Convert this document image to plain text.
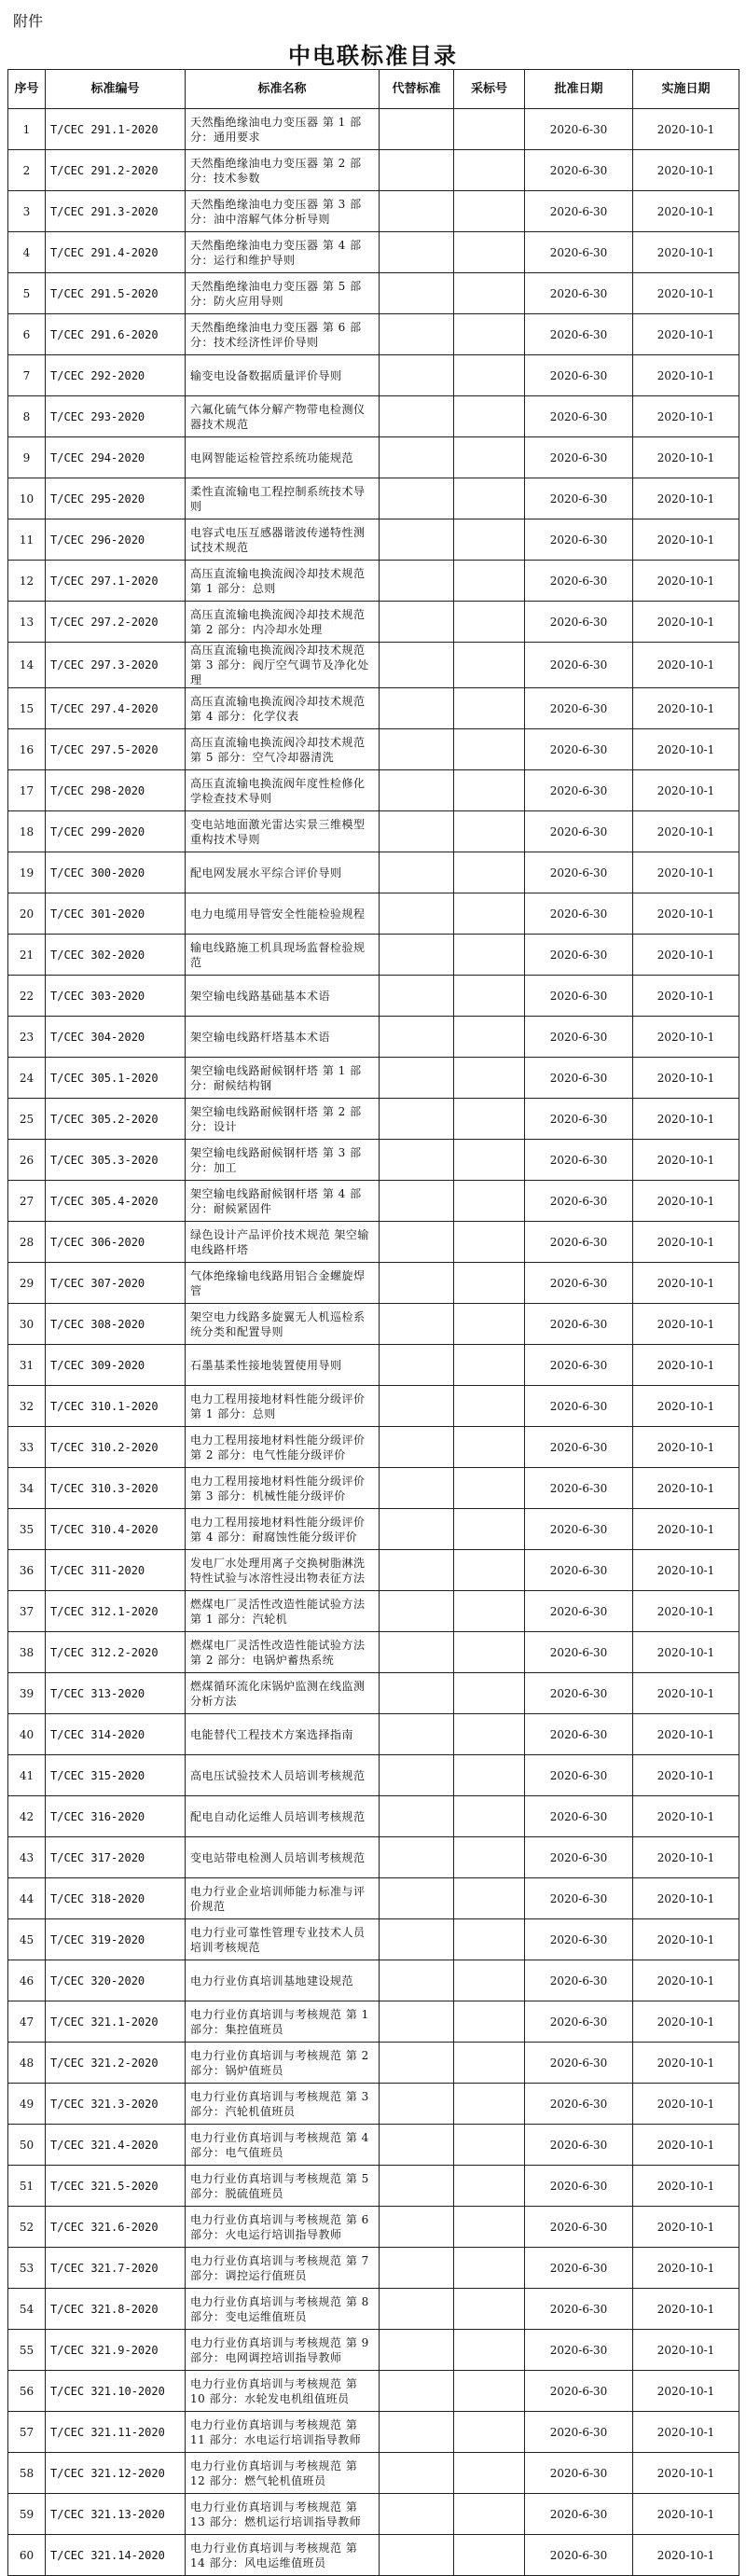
附件
中电联标准目录
序号	标准编号	标准名称	代替标准	采标号	批准日期	实施日期
1	T/CEC 291.1-2020	天然酯绝缘油电力变压器 第 1 部分：通用要求			2020-6-30	2020-10-1
2	T/CEC 291.2-2020	天然酯绝缘油电力变压器 第 2 部分：技术参数			2020-6-30	2020-10-1
3	T/CEC 291.3-2020	天然酯绝缘油电力变压器 第 3 部分：油中溶解气体分析导则			2020-6-30	2020-10-1
4	T/CEC 291.4-2020	天然酯绝缘油电力变压器 第 4 部分：运行和维护导则			2020-6-30	2020-10-1
5	T/CEC 291.5-2020	天然酯绝缘油电力变压器 第 5 部分：防火应用导则			2020-6-30	2020-10-1
6	T/CEC 291.6-2020	天然酯绝缘油电力变压器 第 6 部分：技术经济性评价导则			2020-6-30	2020-10-1
7	T/CEC 292-2020	输变电设备数据质量评价导则			2020-6-30	2020-10-1
8	T/CEC 293-2020	六氟化硫气体分解产物带电检测仪器技术规范			2020-6-30	2020-10-1
9	T/CEC 294-2020	电网智能运检管控系统功能规范			2020-6-30	2020-10-1
10	T/CEC 295-2020	柔性直流输电工程控制系统技术导则			2020-6-30	2020-10-1
11	T/CEC 296-2020	电容式电压互感器谐波传递特性测试技术规范			2020-6-30	2020-10-1
12	T/CEC 297.1-2020	高压直流输电换流阀冷却技术规范 第 1 部分：总则			2020-6-30	2020-10-1
13	T/CEC 297.2-2020	高压直流输电换流阀冷却技术规范 第 2 部分：内冷却水处理			2020-6-30	2020-10-1
14	T/CEC 297.3-2020	高压直流输电换流阀冷却技术规范 第 3 部分：阀厅空气调节及净化处理			2020-6-30	2020-10-1
15	T/CEC 297.4-2020	高压直流输电换流阀冷却技术规范 第 4 部分：化学仪表			2020-6-30	2020-10-1
16	T/CEC 297.5-2020	高压直流输电换流阀冷却技术规范 第 5 部分：空气冷却器清洗			2020-6-30	2020-10-1
17	T/CEC 298-2020	高压直流输电换流阀年度性检修化学检查技术导则			2020-6-30	2020-10-1
18	T/CEC 299-2020	变电站地面激光雷达实景三维模型重构技术导则			2020-6-30	2020-10-1
19	T/CEC 300-2020	配电网发展水平综合评价导则			2020-6-30	2020-10-1
20	T/CEC 301-2020	电力电缆用导管安全性能检验规程			2020-6-30	2020-10-1
21	T/CEC 302-2020	输电线路施工机具现场监督检验规范			2020-6-30	2020-10-1
22	T/CEC 303-2020	架空输电线路基础基本术语			2020-6-30	2020-10-1
23	T/CEC 304-2020	架空输电线路杆塔基本术语			2020-6-30	2020-10-1
24	T/CEC 305.1-2020	架空输电线路耐候钢杆塔 第 1 部分：耐候结构钢			2020-6-30	2020-10-1
25	T/CEC 305.2-2020	架空输电线路耐候钢杆塔 第 2 部分：设计			2020-6-30	2020-10-1
26	T/CEC 305.3-2020	架空输电线路耐候钢杆塔 第 3 部分：加工			2020-6-30	2020-10-1
27	T/CEC 305.4-2020	架空输电线路耐候钢杆塔 第 4 部分：耐候紧固件			2020-6-30	2020-10-1
28	T/CEC 306-2020	绿色设计产品评价技术规范 架空输电线路杆塔			2020-6-30	2020-10-1
29	T/CEC 307-2020	气体绝缘输电线路用铝合金螺旋焊管			2020-6-30	2020-10-1
30	T/CEC 308-2020	架空电力线路多旋翼无人机巡检系统分类和配置导则			2020-6-30	2020-10-1
31	T/CEC 309-2020	石墨基柔性接地装置使用导则			2020-6-30	2020-10-1
32	T/CEC 310.1-2020	电力工程用接地材料性能分级评价 第 1 部分：总则			2020-6-30	2020-10-1
33	T/CEC 310.2-2020	电力工程用接地材料性能分级评价 第 2 部分：电气性能分级评价			2020-6-30	2020-10-1
34	T/CEC 310.3-2020	电力工程用接地材料性能分级评价 第 3 部分：机械性能分级评价			2020-6-30	2020-10-1
35	T/CEC 310.4-2020	电力工程用接地材料性能分级评价 第 4 部分：耐腐蚀性能分级评价			2020-6-30	2020-10-1
36	T/CEC 311-2020	发电厂水处理用离子交换树脂淋洗特性试验与冰溶性浸出物表征方法			2020-6-30	2020-10-1
37	T/CEC 312.1-2020	燃煤电厂灵活性改造性能试验方法 第 1 部分：汽轮机			2020-6-30	2020-10-1
38	T/CEC 312.2-2020	燃煤电厂灵活性改造性能试验方法 第 2 部分：电锅炉蓄热系统			2020-6-30	2020-10-1
39	T/CEC 313-2020	燃煤循环流化床锅炉监测在线监测分析方法			2020-6-30	2020-10-1
40	T/CEC 314-2020	电能替代工程技术方案选择指南			2020-6-30	2020-10-1
41	T/CEC 315-2020	高电压试验技术人员培训考核规范			2020-6-30	2020-10-1
42	T/CEC 316-2020	配电自动化运维人员培训考核规范			2020-6-30	2020-10-1
43	T/CEC 317-2020	变电站带电检测人员培训考核规范			2020-6-30	2020-10-1
44	T/CEC 318-2020	电力行业企业培训师能力标准与评价规范			2020-6-30	2020-10-1
45	T/CEC 319-2020	电力行业可靠性管理专业技术人员培训考核规范			2020-6-30	2020-10-1
46	T/CEC 320-2020	电力行业仿真培训基地建设规范			2020-6-30	2020-10-1
47	T/CEC 321.1-2020	电力行业仿真培训与考核规范 第 1 部分：集控值班员			2020-6-30	2020-10-1
48	T/CEC 321.2-2020	电力行业仿真培训与考核规范 第 2 部分：锅炉值班员			2020-6-30	2020-10-1
49	T/CEC 321.3-2020	电力行业仿真培训与考核规范 第 3 部分：汽轮机值班员			2020-6-30	2020-10-1
50	T/CEC 321.4-2020	电力行业仿真培训与考核规范 第 4 部分：电气值班员			2020-6-30	2020-10-1
51	T/CEC 321.5-2020	电力行业仿真培训与考核规范 第 5 部分：脱硫值班员			2020-6-30	2020-10-1
52	T/CEC 321.6-2020	电力行业仿真培训与考核规范 第 6 部分：火电运行培训指导教师			2020-6-30	2020-10-1
53	T/CEC 321.7-2020	电力行业仿真培训与考核规范 第 7 部分：调控运行值班员			2020-6-30	2020-10-1
54	T/CEC 321.8-2020	电力行业仿真培训与考核规范 第 8 部分：变电运维值班员			2020-6-30	2020-10-1
55	T/CEC 321.9-2020	电力行业仿真培训与考核规范 第 9 部分：电网调控培训指导教师			2020-6-30	2020-10-1
56	T/CEC 321.10-2020	电力行业仿真培训与考核规范 第 10 部分：水轮发电机组值班员			2020-6-30	2020-10-1
57	T/CEC 321.11-2020	电力行业仿真培训与考核规范 第 11 部分：水电运行培训指导教师			2020-6-30	2020-10-1
58	T/CEC 321.12-2020	电力行业仿真培训与考核规范 第 12 部分：燃气轮机值班员			2020-6-30	2020-10-1
59	T/CEC 321.13-2020	电力行业仿真培训与考核规范 第 13 部分：燃机运行培训指导教师			2020-6-30	2020-10-1
60	T/CEC 321.14-2020	电力行业仿真培训与考核规范 第 14 部分：风电运维值班员			2020-6-30	2020-10-1
